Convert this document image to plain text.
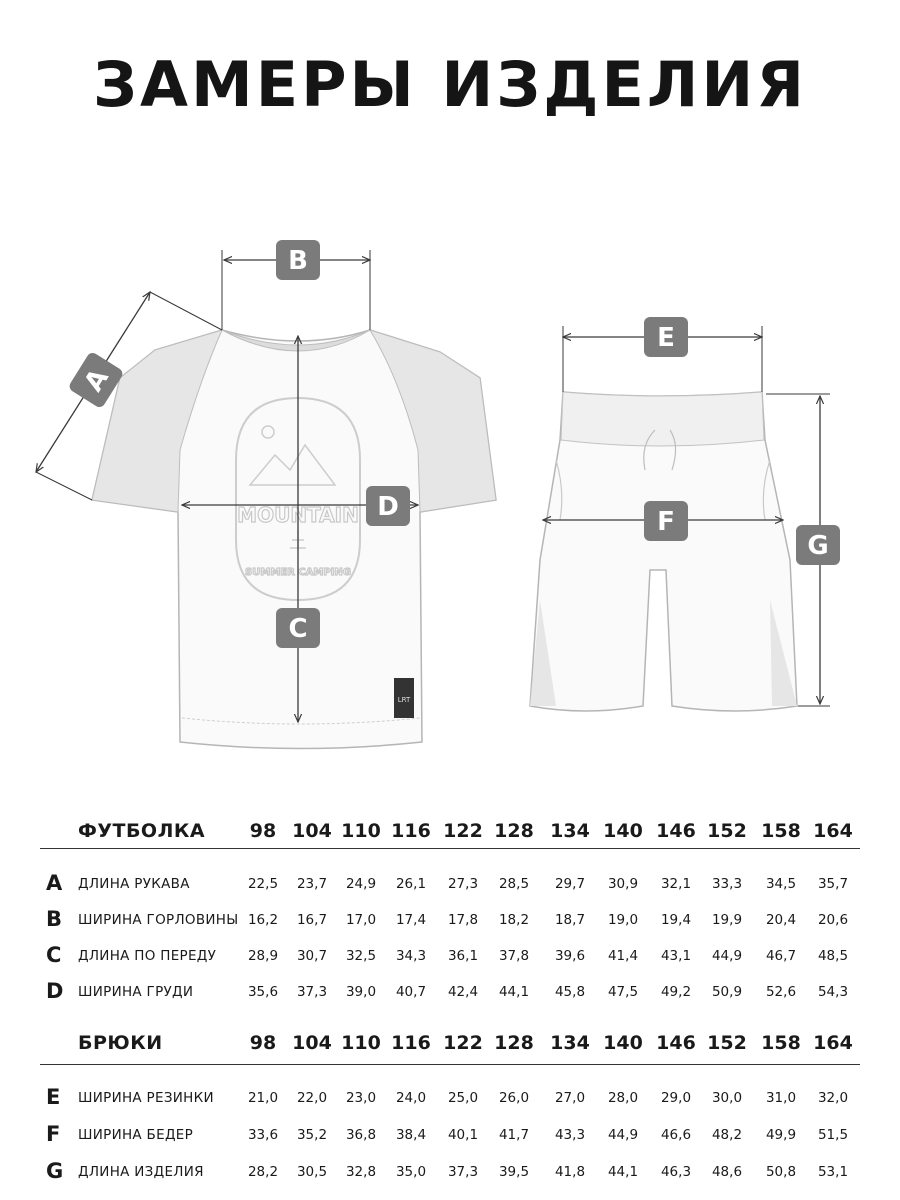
ЗАМЕРЫ ИЗДЕЛИЯ
MOUNTAIN
SUMMER CAMPING
LRT
A
B
C
D
E
F
G
ФУТБОЛКА
БРЮКИ
98 104 110 116 122 128 134 140 146 152 158 164
98 104 110 116 122 128 134 140 146 152 158 164
A ДЛИНА РУКАВА	22,5	23,7	24,9	26,1	27,3	28,5	29,7	30,9	32,1	33,3	34,5	35,7
B ШИРИНА ГОРЛОВИНЫ 16,2	16,7	17,0	17,4	17,8	18,2	18,7	19,0	19,4	19,9	20,4	20,6
C ДЛИНА ПО ПЕРЕДУ	28,9	30,7	32,5	34,3	36,1	37,8	39,6	41,4	43,1	44,9	46,7	48,5
D ШИРИНА ГРУДИ	35,6	37,3	39,0	40,7	42,4	44,1	45,8	47,5	49,2	50,9	52,6	54,3
E ШИРИНА РЕЗИНКИ	21,0	22,0	23,0	24,0	25,0	26,0	27,0	28,0	29,0	30,0	31,0	32,0
F ШИРИНА БЕДЕР	33,6	35,2	36,8	38,4	40,1	41,7	43,3	44,9	46,6	48,2	49,9	51,5
G ДЛИНА ИЗДЕЛИЯ	28,2	30,5	32,8	35,0	37,3	39,5	41,8	44,1	46,3	48,6	50,8	53,1
